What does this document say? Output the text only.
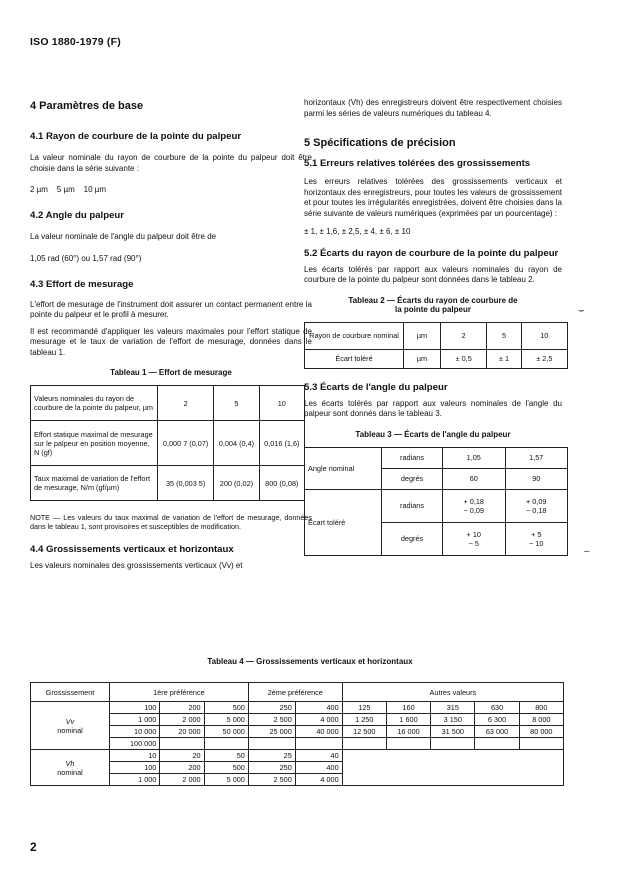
ISO 1880-1979 (F)

4 Paramètres de base

4.1 Rayon de courbure de la pointe du palpeur

La valeur nominale du rayon de courbure de la pointe du palpeur doit être choisie dans la série suivante :

2 µm    5 µm    10 µm

4.2 Angle du palpeur

La valeur nominale de l'angle du palpeur doit être de

1,05 rad (60°) ou 1,57 rad (90°)

4.3 Effort de mesurage

L'effort de mesurage de l'instrument doit assurer un contact permanent entre la pointe du palpeur et le profil à mesurer.

Il est recommandé d'appliquer les valeurs maximales pour l'effort statique de mesurage et le taux de variation de l'effort de mesurage, données dans le tableau 1.

Tableau 1 — Effort de mesurage

Valeurs nominales du rayon de courbure de la pointe du palpeur, µm	2	5	10
Effort statique maximal de mesurage sur le palpeur en position moyenne, N (gf)	0,000 7 (0,07)	0,004 (0,4)	0,016 (1,6)
Taux maximal de variation de l'effort de mesurage, N/m (gf/µm)	35 (0,003 5)	200 (0,02)	800 (0,08)

NOTE — Les valeurs du taux maximal de variation de l'effort de mesurage, données dans le tableau 1, sont provisoires et susceptibles de modification.

4.4 Grossissements verticaux et horizontaux

Les valeurs nominales des grossissements verticaux (Vv) et

horizontaux (Vh) des enregistreurs doivent être respectivement choisies parmi les séries de valeurs numériques du tableau 4.

5 Spécifications de précision

5.1 Erreurs relatives tolérées des grossissements

Les erreurs relatives tolérées des grossissements verticaux et horizontaux des enregistreurs, pour toutes les valeurs de grossissement et pour toutes les irrégularités enregistrées, doivent être choisies dans la série suivante de valeurs numériques (exprimées par un pourcentage) :

± 1, ± 1,6, ± 2,5, ± 4, ± 6, ± 10

5.2 Écarts du rayon de courbure de la pointe du palpeur

Les écarts tolérés par rapport aux valeurs nominales du rayon de courbure de la pointe du palpeur sont données dans le tableau 2.

Tableau 2 — Écarts du rayon de courbure de la pointe du palpeur

Rayon de courbure nominal	µm	2	5	10
Écart toléré	µm	± 0,5	± 1	± 2,5

5.3 Écarts de l'angle du palpeur

Les écarts tolérés par rapport aux valeurs nominales de l'angle du palpeur sont donnés dans le tableau 3.

Tableau 3 — Écarts de l'angle du palpeur

Angle nominal	radians	1,05	1,57
	degrés	60	90
Écart toléré	radians	+ 0,18
− 0,09	+ 0,09
− 0,18
	degrés	+ 10
− 5	+ 5
− 10
⌣
–

Tableau 4 — Grossissements verticaux et horizontaux

Grossissement	1ère préférence			2ème préférence		Autres valeurs				

Vv
nominal	100	200	500	250	400	125	160	315	630	800
	1 000	2 000	5 000	2 500	4 000	1 250	1 600	3 150	6 300	8 000
	10 000	20 000	50 000	25 000	40 000	12 500	16 000	31 500	63 000	80 000
	100 000									

Vh
nominal	10	20	50	25	40					
	100	200	500	250	400					
	1 000	2 000	5 000	2 500	4 000					
2
